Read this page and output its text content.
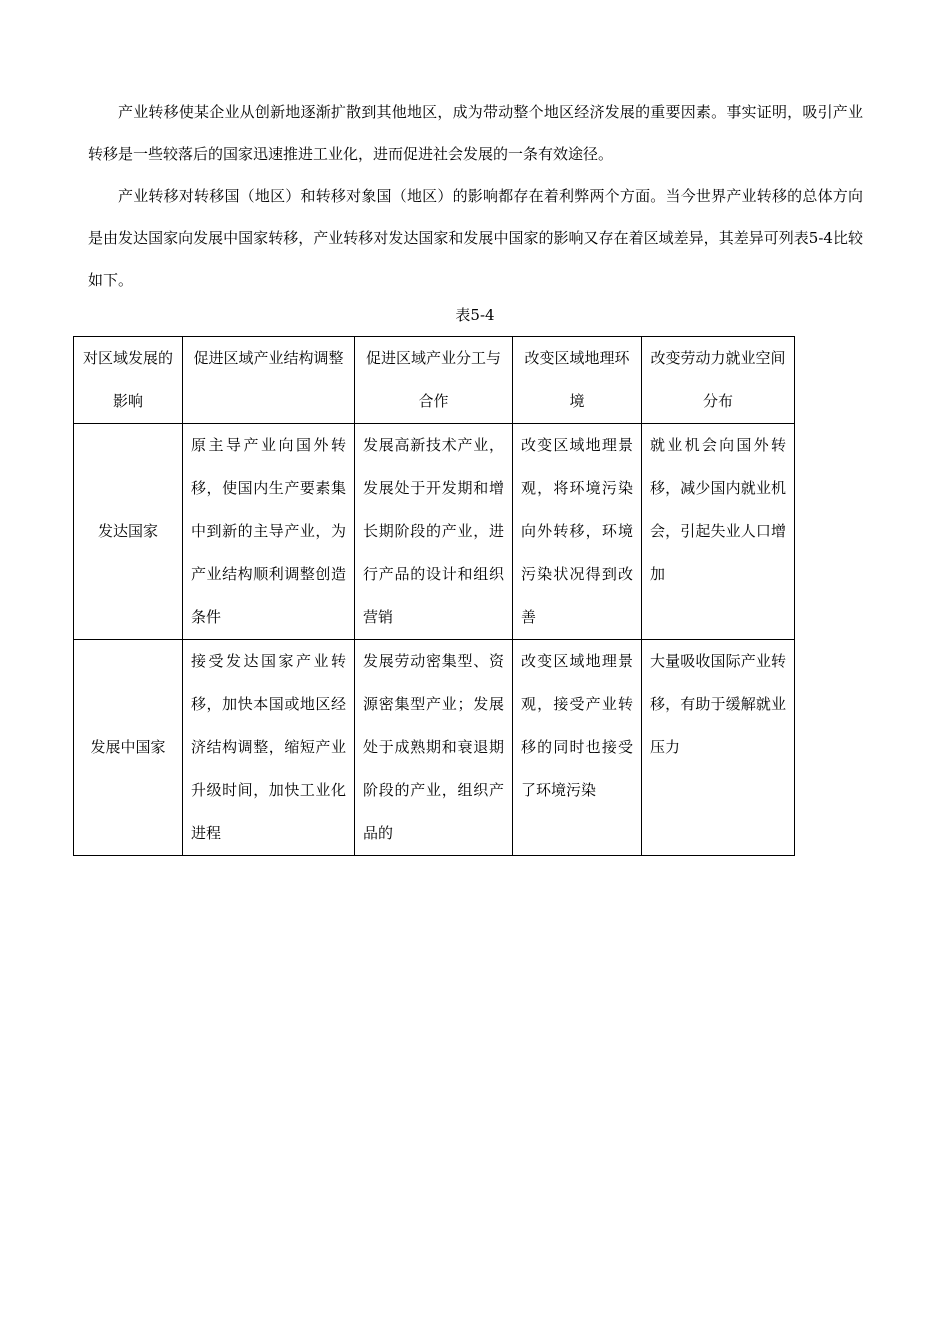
产业转移使某企业从创新地逐渐扩散到其他地区，成为带动整个地区经济发展的重要因素。事实证明，吸引产业转移是一些较落后的国家迅速推进工业化，进而促进社会发展的一条有效途径。

产业转移对转移国（地区）和转移对象国（地区）的影响都存在着利弊两个方面。当今世界产业转移的总体方向是由发达国家向发展中国家转移，产业转移对发达国家和发展中国家的影响又存在着区域差异，其差异可列表5-4比较如下。

表5-4
对区域发展的影响	促进区域产业结构调整	促进区域产业分工与合作	改变区域地理环境	改变劳动力就业空间分布
发达国家	原主导产业向国外转移，使国内生产要素集中到新的主导产业，为产业结构顺利调整创造条件	发展高新技术产业，发展处于开发期和增长期阶段的产业，进行产品的设计和组织营销	改变区域地理景观，将环境污染向外转移，环境污染状况得到改善	就业机会向国外转移，减少国内就业机会，引起失业人口增加
发展中国家	接受发达国家产业转移，加快本国或地区经济结构调整，缩短产业升级时间，加快工业化进程	发展劳动密集型、资源密集型产业；发展处于成熟期和衰退期阶段的产业，组织产品的	改变区域地理景观，接受产业转移的同时也接受了环境污染	大量吸收国际产业转移，有助于缓解就业压力
